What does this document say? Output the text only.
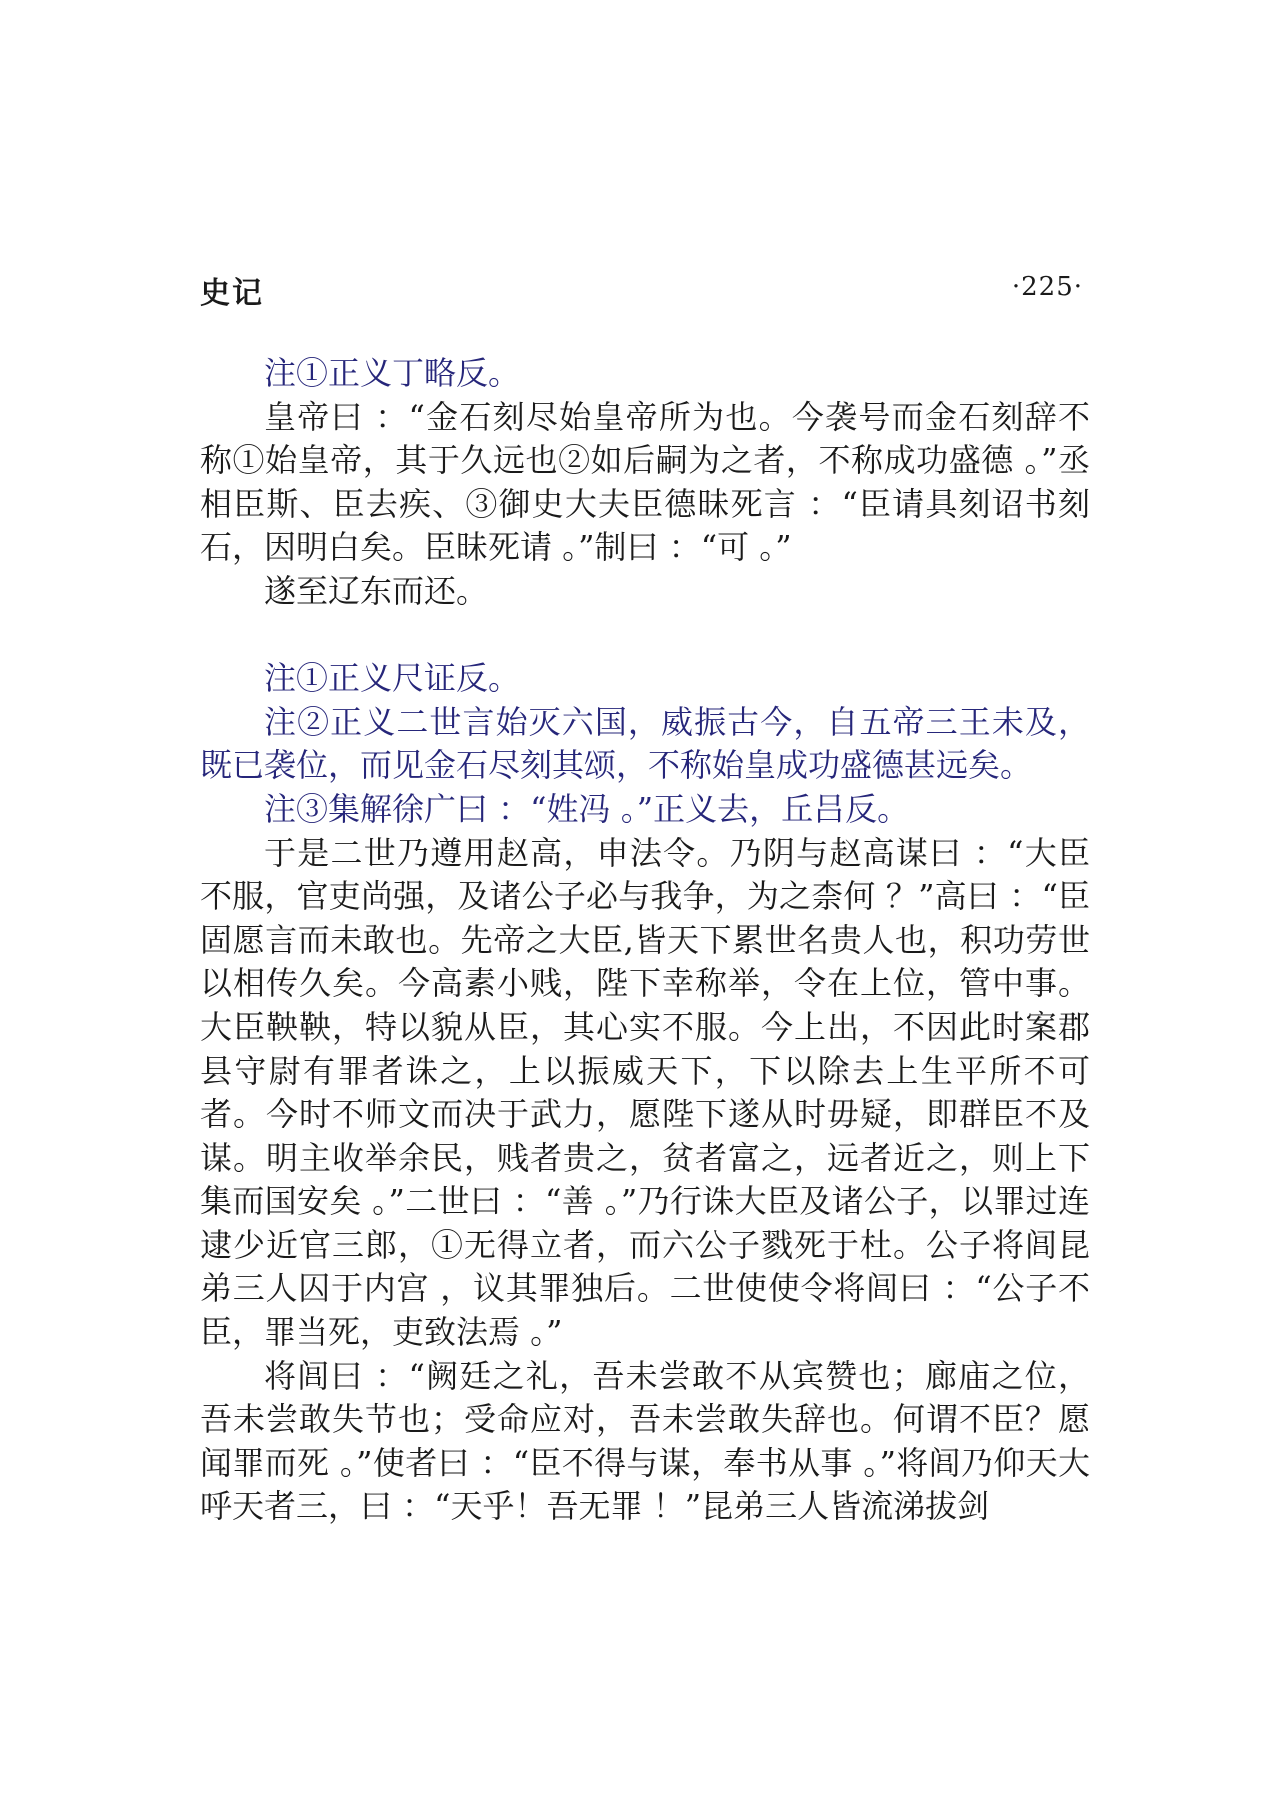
史记	·225·

注①正义丁略反。

皇帝曰 ：“金石刻尽始皇帝所为也。今袭号而金石刻辞不称①始皇帝，其于久远也②如后嗣为之者，不称成功盛德 。”丞相臣斯、臣去疾、③御史大夫臣德昧死言 ：“臣请具刻诏书刻石，因明白矣。臣昧死请 。”制曰 ：“可 。”

遂至辽东而还。

注①正义尺证反。

注②正义二世言始灭六国，威振古今，自五帝三王未及，既已袭位，而见金石尽刻其颂，不称始皇成功盛德甚远矣。

注③集解徐广曰 ：“姓冯 。”正义去，丘吕反。

于是二世乃遵用赵高，申法令。乃阴与赵高谋曰 ：“大臣不服，官吏尚强，及诸公子必与我争，为之柰何 ？”高曰 ：“臣固愿言而未敢也。先帝之大臣,皆天下累世名贵人也，积功劳世以相传久矣。今高素小贱，陛下幸称举，令在上位，管中事。大臣鞅鞅，特以貌从臣，其心实不服。今上出，不因此时案郡县守尉有罪者诛之，上以振威天下，下以除去上生平所不可者。今时不师文而决于武力，愿陛下遂从时毋疑，即群臣不及谋。明主收举余民，贱者贵之，贫者富之，远者近之，则上下集而国安矣 。”二世曰 ：“善 。”乃行诛大臣及诸公子，以罪过连逮少近官三郎，①无得立者，而六公子戮死于杜。公子将闾昆弟三人囚于内宫 ，议其罪独后。二世使使令将闾曰 ：“公子不臣，罪当死，吏致法焉 。”

将闾曰 ：“阙廷之礼，吾未尝敢不从宾赞也；廊庙之位，吾未尝敢失节也；受命应对，吾未尝敢失辞也。何谓不臣？愿闻罪而死 。”使者曰 ：“臣不得与谋，奉书从事 。”将闾乃仰天大呼天者三，曰 ：“天乎！吾无罪 ！”昆弟三人皆流涕拔剑
